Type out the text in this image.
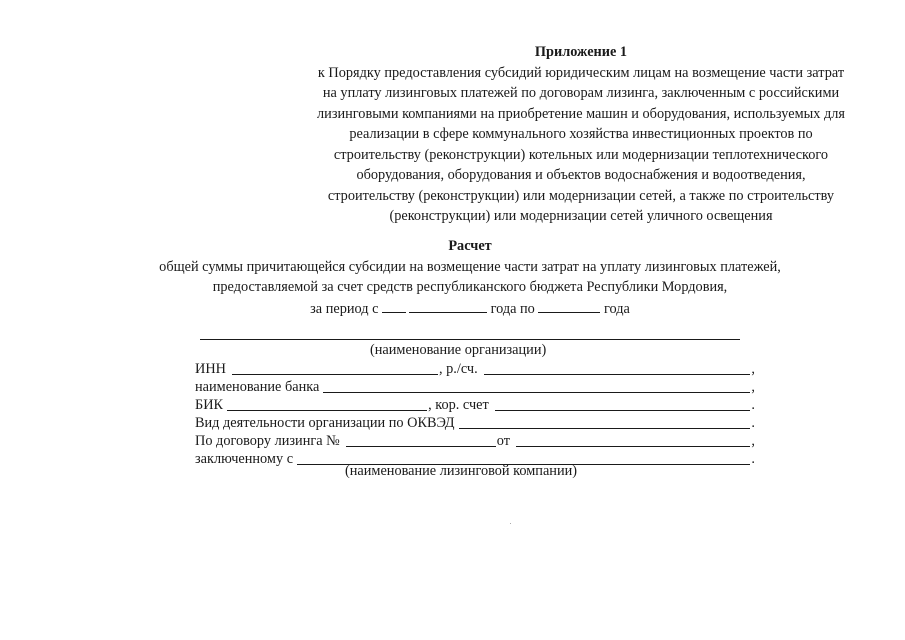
Приложение 1
к Порядку предоставления субсидий юридическим лицам на возмещение части затрат
на уплату лизинговых платежей по договорам лизинга, заключенным с российскими
лизинговыми компаниями на приобретение машин и оборудования, используемых для
реализации в сфере коммунального хозяйства инвестиционных проектов по
строительству (реконструкции) котельных или модернизации теплотехнического
оборудования, оборудования и объектов водоснабжения и водоотведения,
строительству (реконструкции) или модернизации сетей, а также по строительству
(реконструкции) или модернизации сетей уличного освещения
Расчет
общей суммы причитающейся субсидии на возмещение части затрат на уплату лизинговых платежей,
предоставляемой за счет средств республиканского бюджета Республики Мордовия,
за период с	года по	года
(наименование организации)
ИНН	, р./сч.	,
наименование банка	,
БИК	, кор. счет	.
Вид деятельности организации по ОКВЭД	.
По договору лизинга №	от	,
заключенному с	.
(наименование лизинговой компании)
